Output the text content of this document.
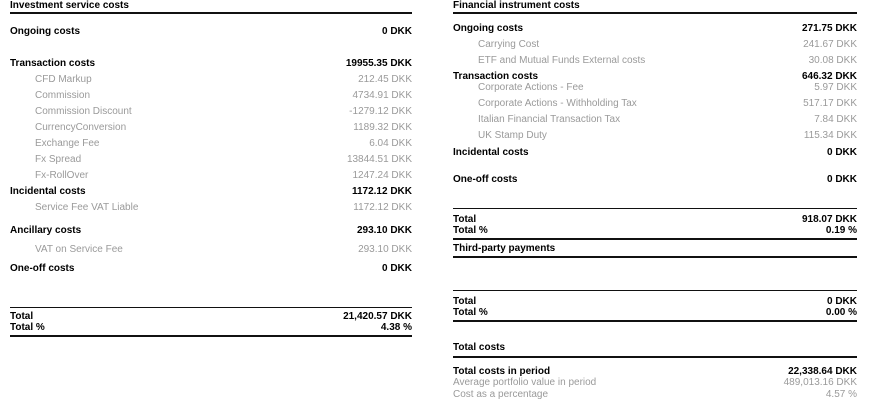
Investment service costs
Ongoing costs	0 DKK
Transaction costs	19955.35 DKK
CFD Markup	212.45 DKK
Commission	4734.91 DKK
Commission Discount	-1279.12 DKK
CurrencyConversion	1189.32 DKK
Exchange Fee	6.04 DKK
Fx Spread	13844.51 DKK
Fx-RollOver	1247.24 DKK
Incidental costs	1172.12 DKK
Service Fee VAT Liable	1172.12 DKK
Ancillary costs	293.10 DKK
VAT on Service Fee	293.10 DKK
One-off costs	0 DKK
Total	21,420.57 DKK
Total %	4.38 %
Financial instrument costs
Ongoing costs	271.75 DKK
Carrying Cost	241.67 DKK
ETF and Mutual Funds External costs	30.08 DKK
Transaction costs	646.32 DKK
Corporate Actions - Fee	5.97 DKK
Corporate Actions - Withholding Tax	517.17 DKK
Italian Financial Transaction Tax	7.84 DKK
UK Stamp Duty	115.34 DKK
Incidental costs	0 DKK
One-off costs	0 DKK
Total	918.07 DKK
Total %	0.19 %
Third-party payments
Total	0 DKK
Total %	0.00 %
Total costs
Total costs in period	22,338.64 DKK
Average portfolio value in period	489,013.16 DKK
Cost as a percentage	4.57 %
